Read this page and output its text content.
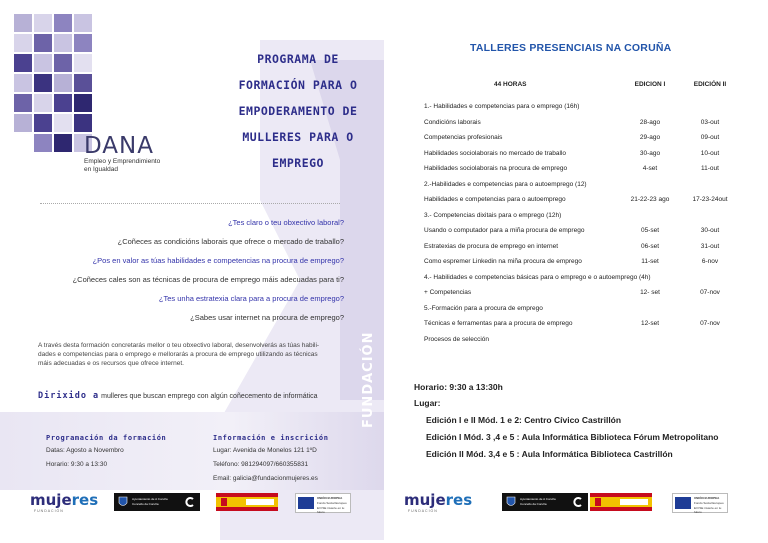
DANA
Empleo y Emprendimiento
en Igualdad
PROGRAMA DE
FORMACIÓN PARA O
EMPODERAMENTO DE
MULLERES PARA O
EMPREGO
¿Tes claro o teu obxectivo laboral?
¿Coñeces as condicións laborais que ofrece o mercado de traballo?
¿Pos en valor as túas habilidades e competencias na procura de emprego?
¿Coñeces cales son as técnicas de procura de emprego máis adecuadas para ti?
¿Tes unha estratexia clara para a procura de emprego?
¿Sabes usar internet na procura de emprego?
A través desta formación concretarás mellor o teu obxectivo laboral, desenvolverás as túas habili-
dades e competencias para o emprego e mellorarás a procura de emprego utilizando as técnicas
máis adecuadas e os recursos que ofrece internet.
Dirixido a mulleres que buscan emprego con algún coñecemento de informática
Programación da formación
Datas: Agosto a Novembro
Horario: 9:30 a 13:30
Información e inscrición
Lugar: Avenida de Monelos 121 1ºD
Teléfono: 981294097/660355831
Email: galicia@fundacionmujeres.es
FUNDACIÓN
mujeres
FUNDACIÓN
Ayuntamiento de A Coruña
Concello da Coruña
UNIÓN EUROPEA
Fondo Social Europeo
El FSE invierte en tu futuro
TALLERES PRESENCIAIS NA CORUÑA
44 HORAS	EDICION I	EDICIÓN II
1.- Habilidades e competencias para o emprego (16h)
Condicións laborais	28-ago	03-out
Competencias profesionais	29-ago	09-out
Habilidades sociolaborais no mercado de traballo	30-ago	10-out
Habilidades sociolaborais na procura de emprego	4-set	11-out
2.-Habilidades e competencias para o autoemprego (12)
Habilidades e competencias para o autoemprego	21-22-23 ago	17-23-24out
3.- Competencias dixitais para o emprego (12h)
Usando o computador para a miña procura de emprego	05-set	30-out
Estratexias de procura de emprego en internet	06-set	31-out
Como espremer Linkedin na miña procura de emprego	11-set	6-nov
4.- Habilidades e competencias básicas para o emprego e o autoemprego (4h)
+ Competencias	12- set	07-nov
5.-Formación para a procura de emprego
Técnicas e ferramentas para a procura de emprego	12-set	07-nov
Procesos de selección
Horario: 9:30 a 13:30h
Lugar:
Edición I e II Mód. 1 e 2: Centro Cívico Castrillón
Edición I Mód. 3 ,4 e 5 : Aula Informática Biblioteca Fórum Metropolitano
Edición II Mód. 3,4 e 5 : Aula Informática Biblioteca Castrillón
mujeres
FUNDACIÓN
Ayuntamiento de A Coruña
Concello da Coruña
UNIÓN EUROPEA
Fondo Social Europeo
El FSE invierte en tu futuro
